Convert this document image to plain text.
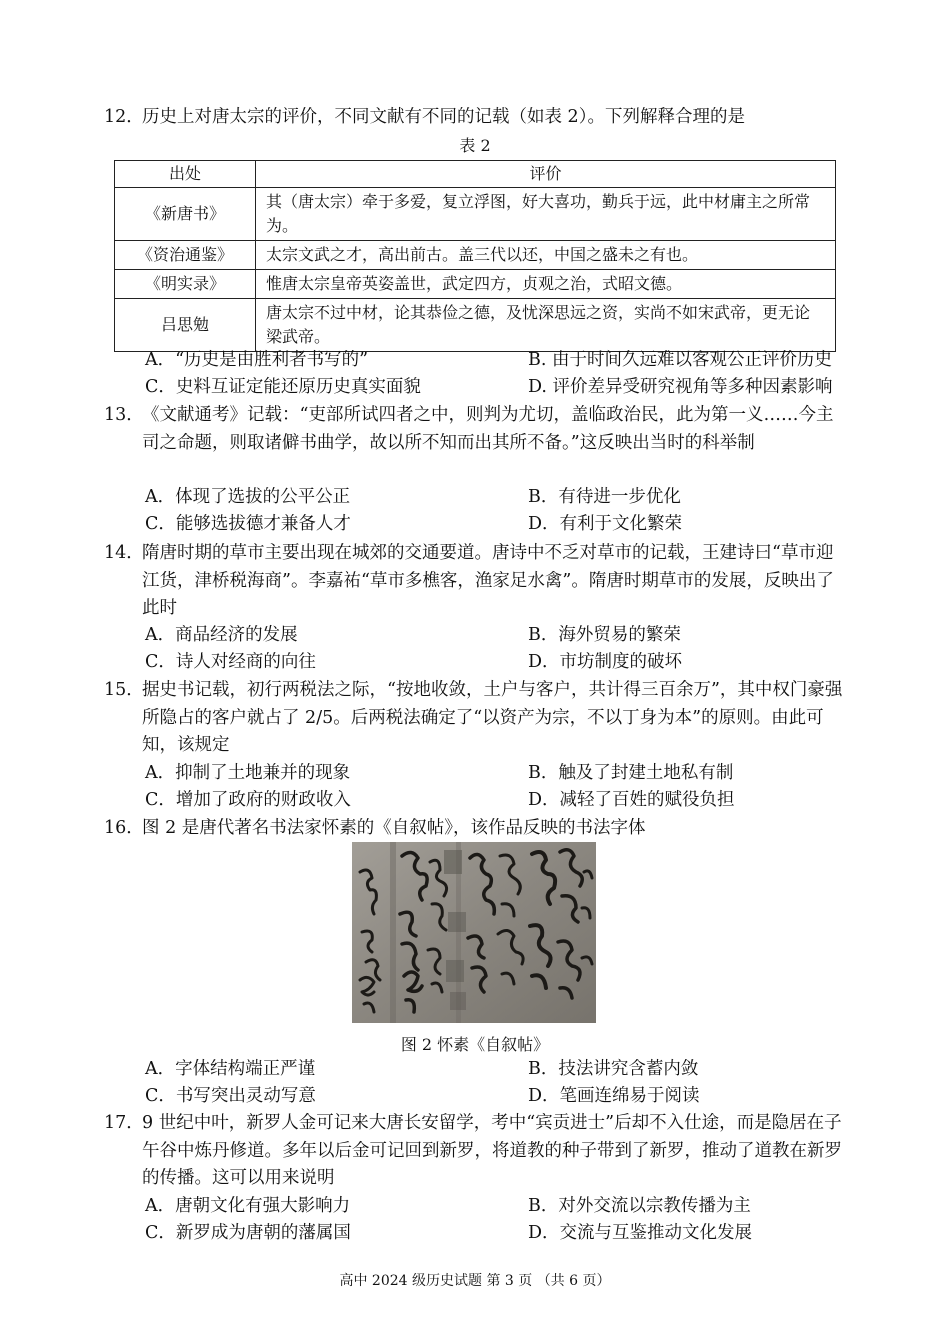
12．
历史上对唐太宗的评价，不同文献有不同的记载（如表 2）。下列解释合理的是
表 2
出处	评价
《新唐书》	其（唐太宗）牵于多爱，复立浮图，好大喜功，勤兵于远，此中材庸主之所常为。
《资治通鉴》	太宗文武之才，高出前古。盖三代以还，中国之盛未之有也。
《明实录》	惟唐太宗皇帝英姿盖世，武定四方，贞观之治，式昭文德。
吕思勉	唐太宗不过中材，论其恭俭之德，及忧深思远之资，实尚不如宋武帝，更无论梁武帝。
A．“历史是由胜利者书写的”	B. 由于时间久远难以客观公正评价历史
C．史料互证定能还原历史真实面貌	D. 评价差异受研究视角等多种因素影响
13．
《文献通考》记载：“吏部所试四者之中，则判为尤切，盖临政治民，此为第一义……今主司之命题，则取诸僻书曲学，故以所不知而出其所不备。”这反映出当时的科举制
A．体现了选拔的公平公正	B．有待进一步优化
C．能够选拔德才兼备人才	D．有利于文化繁荣
14．
隋唐时期的草市主要出现在城郊的交通要道。唐诗中不乏对草市的记载，王建诗曰“草市迎江货，津桥税海商”。李嘉祐“草市多樵客，渔家足水禽”。隋唐时期草市的发展，反映出了此时
A．商品经济的发展	B．海外贸易的繁荣
C．诗人对经商的向往	D．市坊制度的破坏
15．
据史书记载，初行两税法之际，“按地收敛，土户与客户，共计得三百余万”，其中权门豪强所隐占的客户就占了 2/5。后两税法确定了“以资产为宗，不以丁身为本”的原则。由此可知，该规定
A．抑制了土地兼并的现象	B．触及了封建土地私有制
C．增加了政府的财政收入	D．减轻了百姓的赋役负担
16．
图 2 是唐代著名书法家怀素的《自叙帖》，该作品反映的书法字体
图 2 怀素《自叙帖》
A．字体结构端正严谨	B．技法讲究含蓄内敛
C．书写突出灵动写意	D．笔画连绵易于阅读
17．
9 世纪中叶，新罗人金可记来大唐长安留学，考中“宾贡进士”后却不入仕途，而是隐居在子午谷中炼丹修道。多年以后金可记回到新罗，将道教的种子带到了新罗，推动了道教在新罗的传播。这可以用来说明
A．唐朝文化有强大影响力	B．对外交流以宗教传播为主
C．新罗成为唐朝的藩属国	D．交流与互鉴推动文化发展
高中 2024 级历史试题 第 3 页 （共 6 页）
